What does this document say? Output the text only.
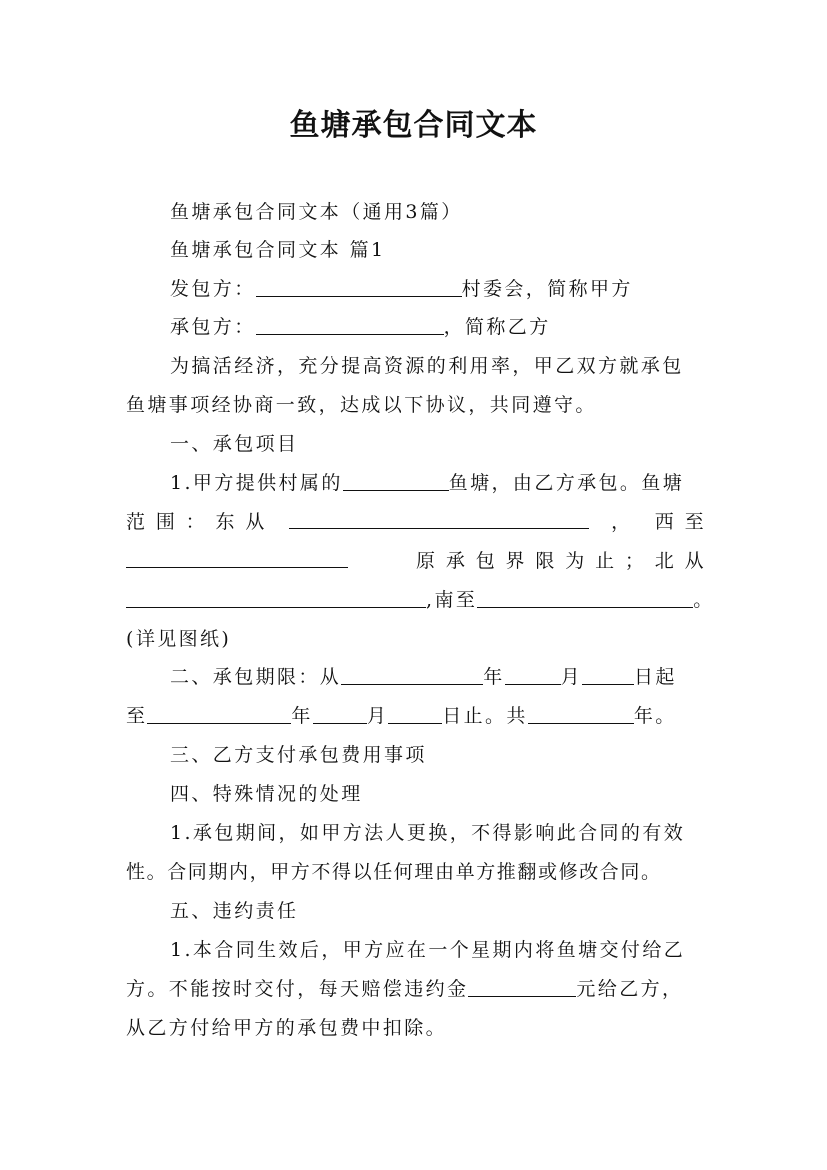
鱼塘承包合同文本
鱼塘承包合同文本（通用3篇）
鱼塘承包合同文本 篇1
发包方：	村委会，简称甲方
承包方：	，简称乙方
为搞活经济，充分提高资源的利用率，甲乙双方就承包
鱼塘事项经协商一致，达成以下协议，共同遵守。
一、承包项目
1.甲方提供村属的	鱼塘，由乙方承包。鱼塘
范 围 ： 东 从	， 西 至
原 承 包 界 限 为 止 ； 北 从
,南至	。
(详见图纸)
二、承包期限：从	年	月	日起
至	年	月	日止。共	年。
三、乙方支付承包费用事项
四、特殊情况的处理
1.承包期间，如甲方法人更换，不得影响此合同的有效
性。合同期内，甲方不得以任何理由单方推翻或修改合同。
五、违约责任
1.本合同生效后，甲方应在一个星期内将鱼塘交付给乙
方。不能按时交付，每天赔偿违约金	元给乙方，
从乙方付给甲方的承包费中扣除。
